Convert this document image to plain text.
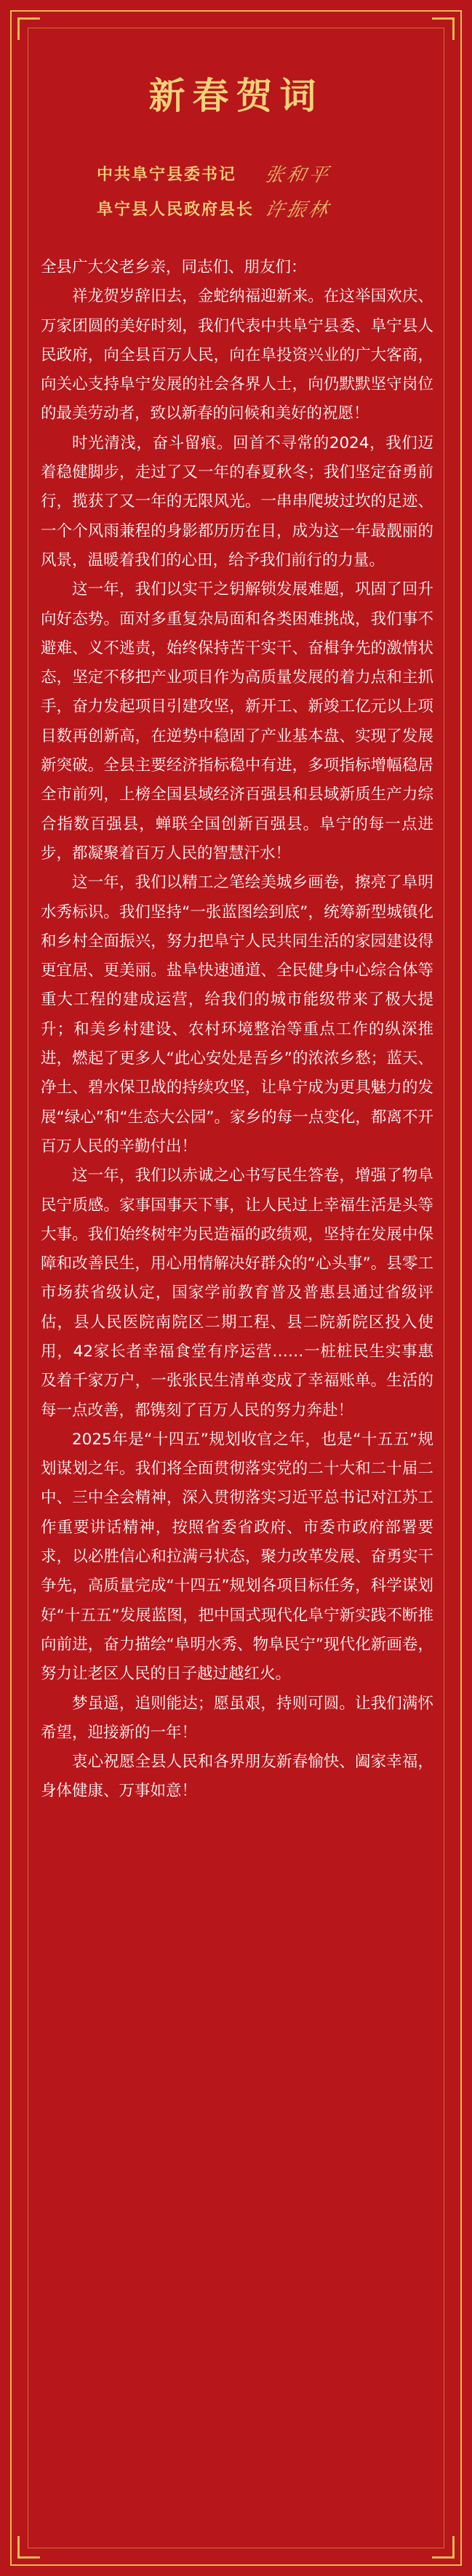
新春贺词
中共阜宁县委书记	张和平
阜宁县人民政府县长 许振林

全县广大父老乡亲，同志们、朋友们：

祥龙贺岁辞旧去，金蛇纳福迎新来。在这举国欢庆、万家团圆的美好时刻，我们代表中共阜宁县委、阜宁县人民政府，向全县百万人民，向在阜投资兴业的广大客商，向关心支持阜宁发展的社会各界人士，向仍默默坚守岗位的最美劳动者，致以新春的问候和美好的祝愿！

时光清浅，奋斗留痕。回首不寻常的2024，我们迈着稳健脚步，走过了又一年的春夏秋冬；我们坚定奋勇前行，揽获了又一年的无限风光。一串串爬坡过坎的足迹、一个个风雨兼程的身影都历历在目，成为这一年最靓丽的风景，温暖着我们的心田，给予我们前行的力量。

这一年，我们以实干之钥解锁发展难题，巩固了回升向好态势。面对多重复杂局面和各类困难挑战，我们事不避难、义不逃责，始终保持苦干实干、奋楫争先的激情状态，坚定不移把产业项目作为高质量发展的着力点和主抓手，奋力发起项目引建攻坚，新开工、新竣工亿元以上项目数再创新高，在逆势中稳固了产业基本盘、实现了发展新突破。全县主要经济指标稳中有进，多项指标增幅稳居全市前列，上榜全国县域经济百强县和县域新质生产力综合指数百强县，蝉联全国创新百强县。阜宁的每一点进步，都凝聚着百万人民的智慧汗水！

这一年，我们以精工之笔绘美城乡画卷，擦亮了阜明水秀标识。我们坚持“一张蓝图绘到底”，统筹新型城镇化和乡村全面振兴，努力把阜宁人民共同生活的家园建设得更宜居、更美丽。盐阜快速通道、全民健身中心综合体等重大工程的建成运营，给我们的城市能级带来了极大提升；和美乡村建设、农村环境整治等重点工作的纵深推进，燃起了更多人“此心安处是吾乡”的浓浓乡愁；蓝天、净土、碧水保卫战的持续攻坚，让阜宁成为更具魅力的发展“绿心”和“生态大公园”。家乡的每一点变化，都离不开百万人民的辛勤付出！

这一年，我们以赤诚之心书写民生答卷，增强了物阜民宁质感。家事国事天下事，让人民过上幸福生活是头等大事。我们始终树牢为民造福的政绩观，坚持在发展中保障和改善民生，用心用情解决好群众的“心头事”。县零工市场获省级认定，国家学前教育普及普惠县通过省级评估，县人民医院南院区二期工程、县二院新院区投入使用，42家长者幸福食堂有序运营……一桩桩民生实事惠及着千家万户，一张张民生清单变成了幸福账单。生活的每一点改善，都镌刻了百万人民的努力奔赴！

2025年是“十四五”规划收官之年，也是“十五五”规划谋划之年。我们将全面贯彻落实党的二十大和二十届二中、三中全会精神，深入贯彻落实习近平总书记对江苏工作重要讲话精神，按照省委省政府、市委市政府部署要求，以必胜信心和拉满弓状态，聚力改革发展、奋勇实干争先，高质量完成“十四五”规划各项目标任务，科学谋划好“十五五”发展蓝图，把中国式现代化阜宁新实践不断推向前进，奋力描绘“阜明水秀、物阜民宁”现代化新画卷，努力让老区人民的日子越过越红火。

梦虽遥，追则能达；愿虽艰，持则可圆。让我们满怀希望，迎接新的一年！

衷心祝愿全县人民和各界朋友新春愉快、阖家幸福，身体健康、万事如意！
